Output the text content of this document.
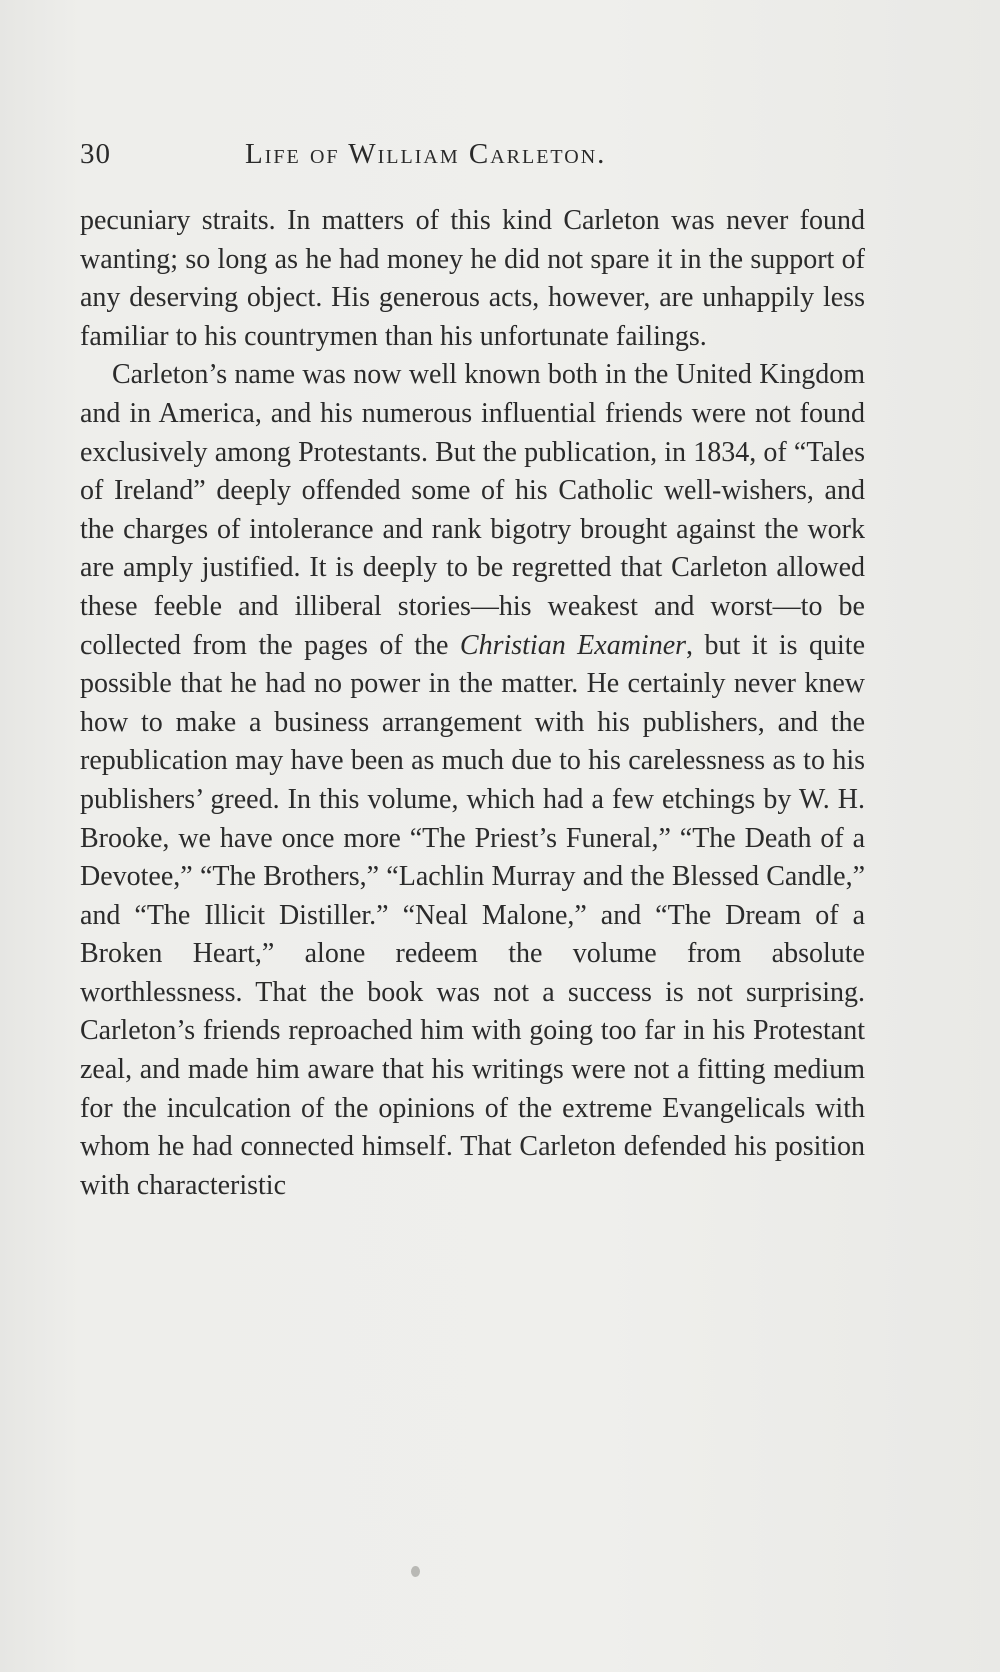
30	Life of William Carleton.

pecuniary straits. In matters of this kind Carleton was never found wanting; so long as he had money he did not spare it in the support of any deserving object. His generous acts, however, are unhappily less familiar to his countrymen than his unfortunate failings.

Carleton’s name was now well known both in the United Kingdom and in America, and his numerous influential friends were not found exclusively among Protestants. But the publication, in 1834, of “Tales of Ireland” deeply offended some of his Catholic well-wishers, and the charges of intolerance and rank bigotry brought against the work are amply justified. It is deeply to be regretted that Carleton allowed these feeble and illiberal stories—his weakest and worst—to be collected from the pages of the Christian Examiner, but it is quite possible that he had no power in the matter. He certainly never knew how to make a business arrangement with his publishers, and the republication may have been as much due to his carelessness as to his publishers’ greed. In this volume, which had a few etchings by W. H. Brooke, we have once more “The Priest’s Funeral,” “The Death of a Devotee,” “The Brothers,” “Lachlin Murray and the Blessed Candle,” and “The Illicit Distiller.” “Neal Malone,” and “The Dream of a Broken Heart,” alone redeem the volume from absolute worthlessness. That the book was not a success is not surprising. Carleton’s friends reproached him with going too far in his Protestant zeal, and made him aware that his writings were not a fitting medium for the inculcation of the opinions of the extreme Evangelicals with whom he had connected himself. That Carleton defended his position with characteristic
